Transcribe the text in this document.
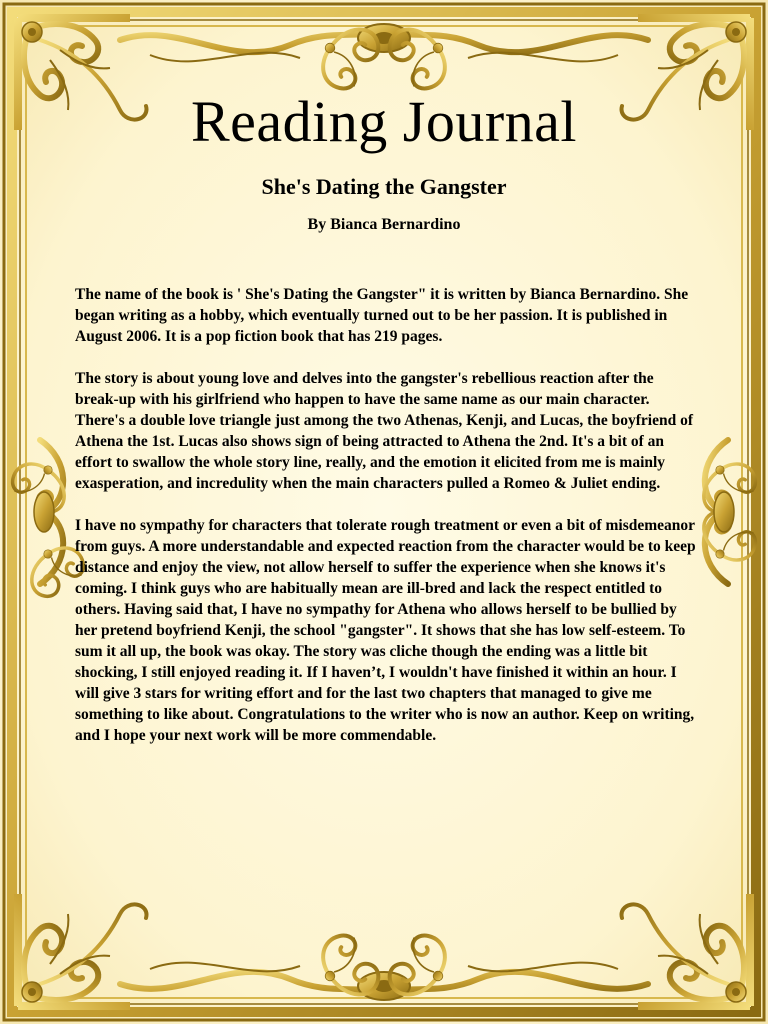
Reading Journal
She's Dating the Gangster
By Bianca Bernardino

The name of the book is ' She's Dating the Gangster" it is written by Bianca Bernardino. She began writing as a hobby, which eventually turned out to be her passion. It is published in August 2006. It is a pop fiction book that has 219 pages.

The story is about young love and delves into the gangster's rebellious reaction after the break-up with his girlfriend who happen to have the same name as our main character. There's a double love triangle just among the two Athenas, Kenji, and Lucas, the boyfriend of Athena the 1st. Lucas also shows sign of being attracted to Athena the 2nd. It's a bit of an effort to swallow the whole story line, really, and the emotion it elicited from me is mainly exasperation, and incredulity when the main characters pulled a Romeo & Juliet ending.

I have no sympathy for characters that tolerate rough treatment or even a bit of misdemeanor from guys. A more understandable and expected reaction from the character would be to keep distance and enjoy the view, not allow herself to suffer the experience when she knows it's coming. I think guys who are habitually mean are ill-bred and lack the respect entitled to others. Having said that, I have no sympathy for Athena who allows herself to be bullied by her pretend boyfriend Kenji, the school "gangster". It shows that she has low self-esteem. To sum it all up, the book was okay. The story was cliche though the ending was a little bit shocking, I still enjoyed reading it. If I haven’t, I wouldn't have finished it within an hour. I will give 3 stars for writing effort and for the last two chapters that managed to give me something to like about. Congratulations to the writer who is now an author. Keep on writing, and I hope your next work will be more commendable.
